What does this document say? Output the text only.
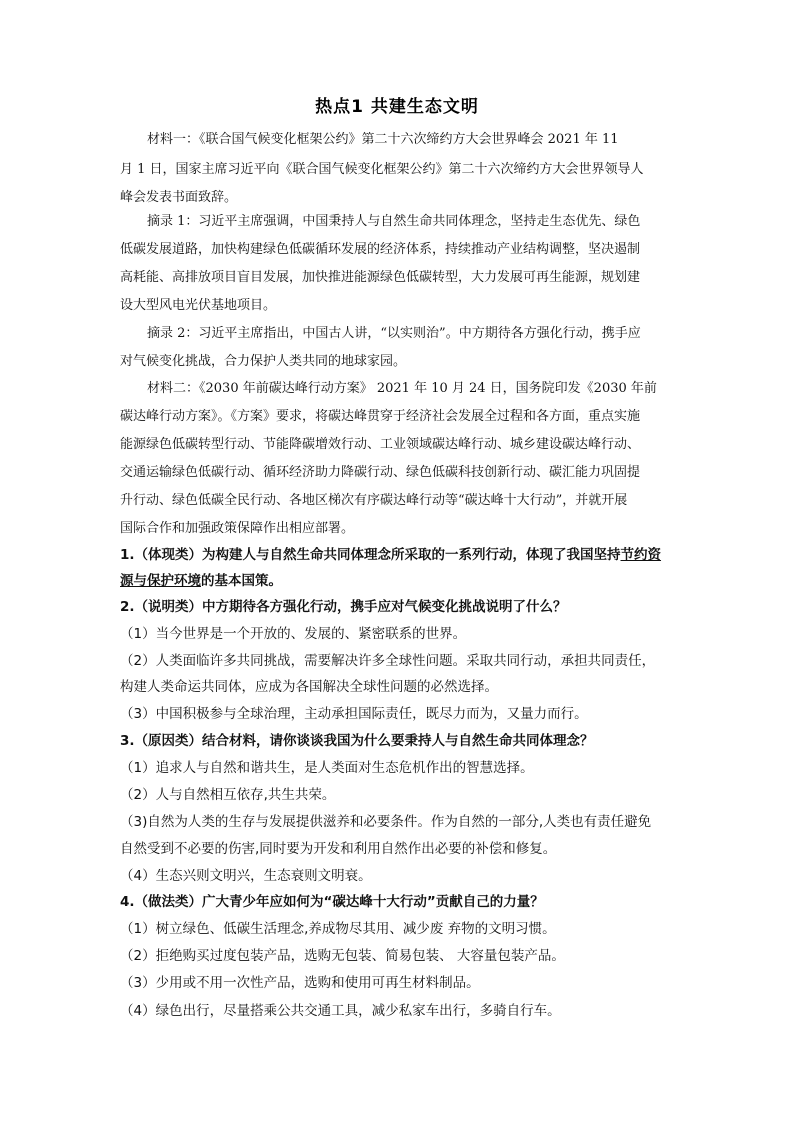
热点1 共建生态文明

材料一：《联合国气候变化框架公约》第二十六次缔约方大会世界峰会 2021 年 11

月 1 日，国家主席习近平向《联合国气候变化框架公约》第二十六次缔约方大会世界领导人

峰会发表书面致辞。

摘录 1：习近平主席强调，中国秉持人与自然生命共同体理念，坚持走生态优先、绿色

低碳发展道路，加快构建绿色低碳循环发展的经济体系，持续推动产业结构调整，坚决遏制

高耗能、高排放项目盲目发展，加快推进能源绿色低碳转型，大力发展可再生能源，规划建

设大型风电光伏基地项目。

摘录 2：习近平主席指出，中国古人讲，“以实则治”。中方期待各方强化行动，携手应

对气候变化挑战，合力保护人类共同的地球家园。

材料二：《2030 年前碳达峰行动方案》 2021 年 10 月 24 日，国务院印发《2030 年前

碳达峰行动方案》。《方案》要求，将碳达峰贯穿于经济社会发展全过程和各方面，重点实施

能源绿色低碳转型行动、节能降碳增效行动、工业领域碳达峰行动、城乡建设碳达峰行动、

交通运输绿色低碳行动、循环经济助力降碳行动、绿色低碳科技创新行动、碳汇能力巩固提

升行动、绿色低碳全民行动、各地区梯次有序碳达峰行动等“碳达峰十大行动”，并就开展

国际合作和加强政策保障作出相应部署。

1.（体现类）为构建人与自然生命共同体理念所采取的一系列行动，体现了我国坚持节约资

源与保护环境的基本国策。

2.（说明类）中方期待各方强化行动，携手应对气候变化挑战说明了什么？

（1）当今世界是一个开放的、发展的、紧密联系的世界。

（2）人类面临许多共同挑战，需要解决许多全球性问题。采取共同行动，承担共同责任，

构建人类命运共同体，应成为各国解决全球性问题的必然选择。

（3）中国积极参与全球治理，主动承担国际责任，既尽力而为，又量力而行。

3.（原因类）结合材料，请你谈谈我国为什么要秉持人与自然生命共同体理念？

（1）追求人与自然和谐共生，是人类面对生态危机作出的智慧选择。

（2）人与自然相互依存,共生共荣。

（3)自然为人类的生存与发展提供滋养和必要条件。作为自然的一部分,人类也有责任避免

自然受到不必要的伤害,同时要为开发和利用自然作出必要的补偿和修复。

（4）生态兴则文明兴，生态衰则文明衰。

4.（做法类）广大青少年应如何为“碳达峰十大行动”贡献自己的力量？

（1）树立绿色、低碳生活理念,养成物尽其用、减少废 弃物的文明习惯。

（2）拒绝购买过度包装产品，选购无包装、简易包装、 大容量包装产品。

（3）少用或不用一次性产品，选购和使用可再生材料制品。

（4）绿色出行，尽量搭乘公共交通工具，减少私家车出行，多骑自行车。
